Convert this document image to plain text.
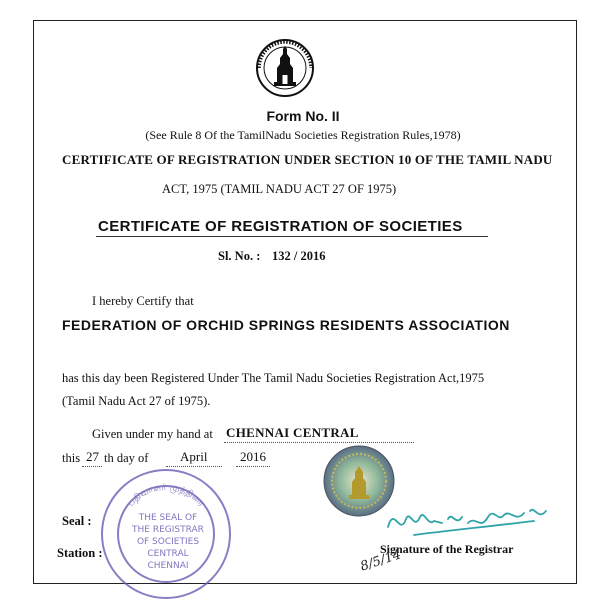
Form No. II
(See Rule 8 Of the TamilNadu Societies Registration Rules,1978)
CERTIFICATE OF REGISTRATION UNDER SECTION 10 OF THE TAMIL NADU
ACT, 1975 (TAMIL NADU ACT 27 OF 1975)
CERTIFICATE OF REGISTRATION OF SOCIETIES
Sl. No. : 132 / 2016
I hereby Certify that
FEDERATION OF ORCHID SPRINGS RESIDENTS ASSOCIATION
has this day been Registered Under The Tamil Nadu Societies Registration Act,1975
(Tamil Nadu Act 27 of 1975).
Given under my hand at CHENNAI CENTRAL
this 27 th day of April	2016
Seal :
Station :	Signature of the Registrar
பதிவாளர் முத்திரை
THE SEAL OF
THE REGISTRAR
OF SOCIETIES
CENTRAL
CHENNAI	8/5/14
